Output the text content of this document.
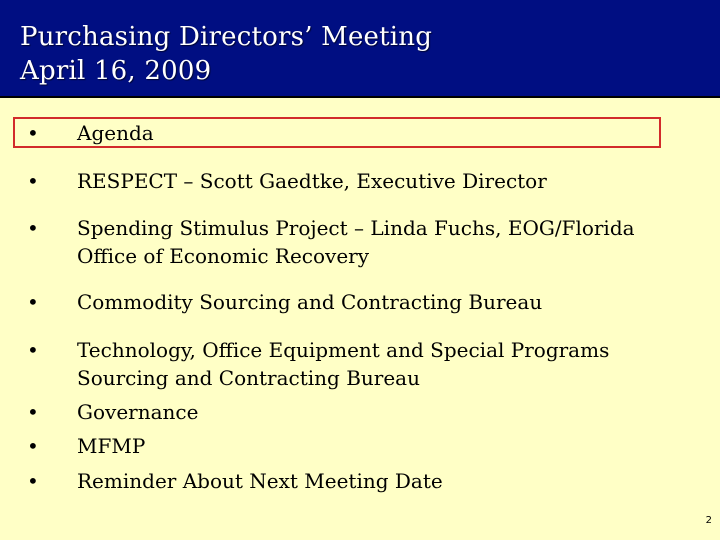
Purchasing Directors’ Meeting
April 16, 2009
• Agenda
• RESPECT – Scott Gaedtke, Executive Director
• Spending Stimulus Project – Linda Fuchs, EOG/Florida
Office of Economic Recovery
• Commodity Sourcing and Contracting Bureau
• Technology, Office Equipment and Special Programs
Sourcing and Contracting Bureau
• Governance
• MFMP
• Reminder About Next Meeting Date
2
